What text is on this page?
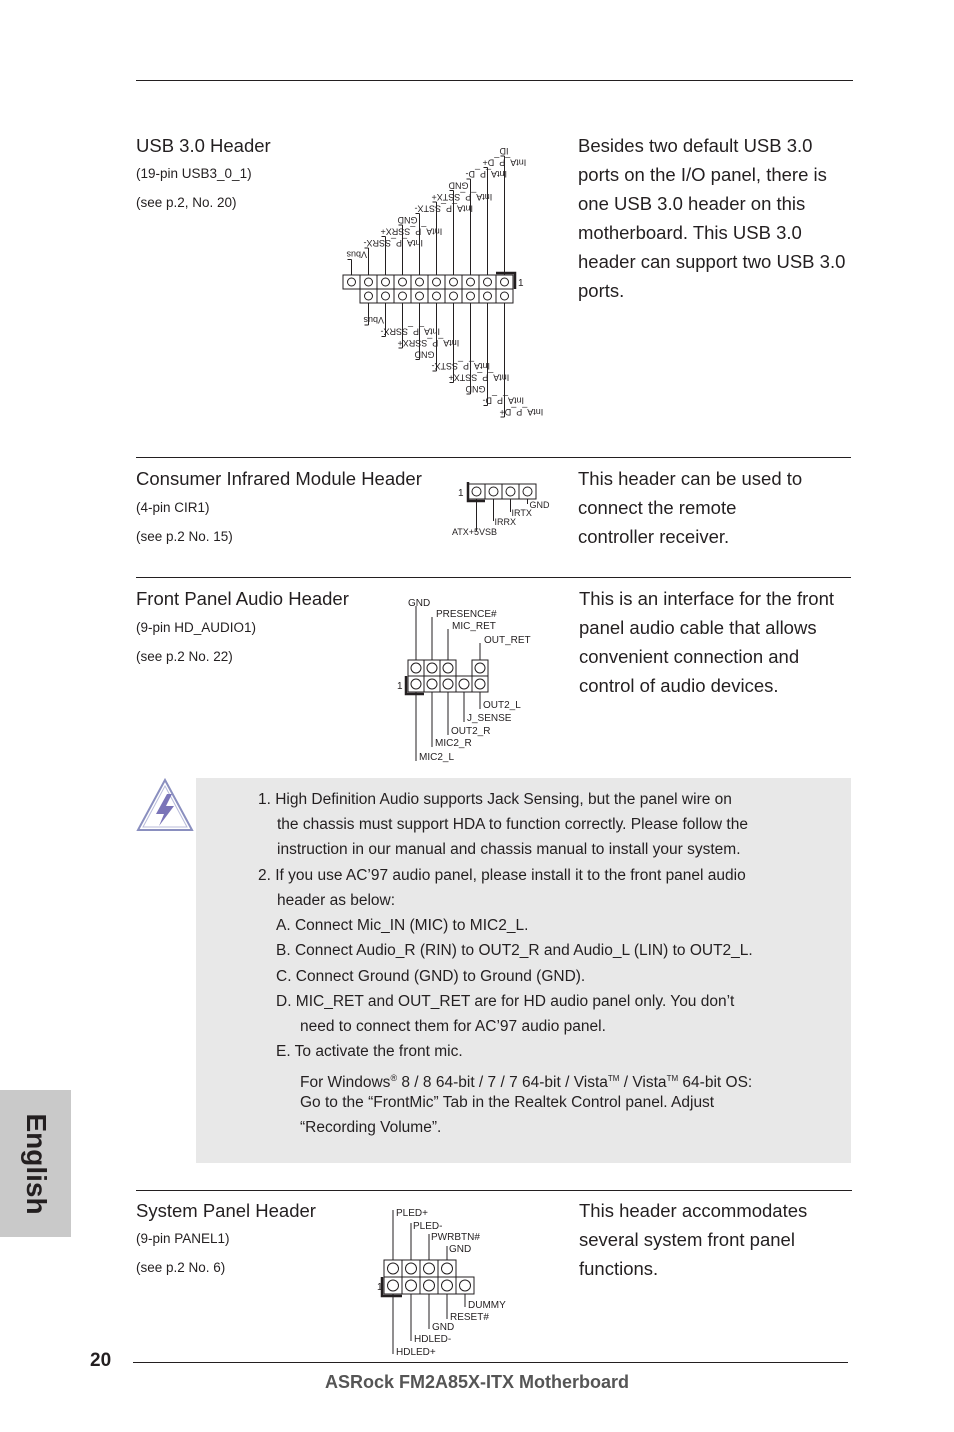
English
USB 3.0 Header
(19-pin USB3_0_1)
(see p.2, No. 20)
Besides two default USB 3.0
ports on the I/O panel, there is
one USB 3.0 header on this
motherboard. This USB 3.0
header can support two USB 3.0
ports.
1
ID
IntA_P_D+
IntA_P_D-
GND
IntA_P_SSTX+
IntA_P_SSTX-
GND
IntA_P_SSRX+
IntA_P_SSRX-
Vbus
Vbus
IntA_P_SSRX-
IntA_P_SSRX+
GND
IntA_P_SSTX-
IntA_P_SSTX+
GND
IntA_P_D-
IntA_P_D+
Consumer Infrared Module Header
(4-pin CIR1)
(see p.2 No. 15)
This header can be used to
connect the remote
controller receiver.
1
GND
IRTX
IRRX
ATX+5VSB
Front Panel Audio Header
(9-pin HD_AUDIO1)
(see p.2 No. 22)
This is an interface for the front
panel audio cable that allows
convenient connection and
control of audio devices.
1
GND
PRESENCE#
MIC_RET
OUT_RET
OUT2_L
J_SENSE
OUT2_R
MIC2_R
MIC2_L
1. High Definition Audio supports Jack Sensing, but the panel wire on
the chassis must support HDA to function correctly. Please follow the
instruction in our manual and chassis manual to install your system.
2. If you use AC’97 audio panel, please install it to the front panel audio
header as below:
A. Connect Mic_IN (MIC) to MIC2_L.
B. Connect Audio_R (RIN) to OUT2_R and Audio_L (LIN) to OUT2_L.
C. Connect Ground (GND) to Ground (GND).
D. MIC_RET and OUT_RET are for HD audio panel only. You don’t
need to connect them for AC’97 audio panel.
E. To activate the front mic.
For Windows® 8 / 8 64-bit / 7 / 7 64-bit / Vista™ / Vista™ 64-bit OS:
Go to the “FrontMic” Tab in the Realtek Control panel. Adjust
“Recording Volume”.
System Panel Header
(9-pin PANEL1)
(see p.2 No. 6)
This header accommodates
several system front panel
functions.
1
PLED+
PLED-
PWRBTN#
GND
DUMMY
RESET#
GND
HDLED-
HDLED+
20
ASRock FM2A85X-ITX Motherboard
